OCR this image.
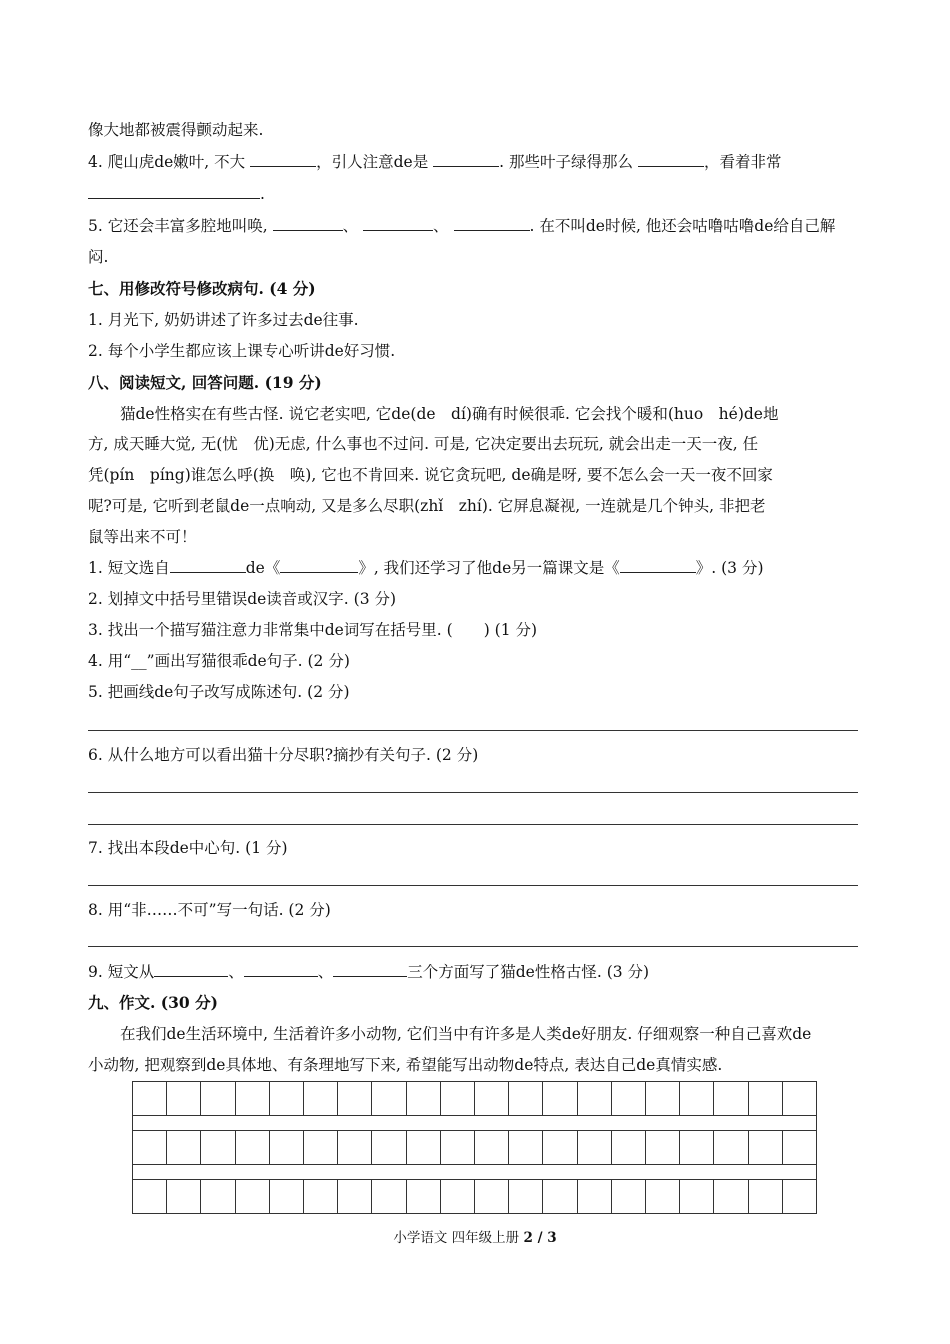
像大地都被震得颤动起来.
4. 爬山虎de嫩叶, 不大	，引人注意de是	. 那些叶子绿得那么	，看着非常
.
5. 它还会丰富多腔地叫唤,	、	、	. 在不叫de时候, 他还会咕噜咕噜de给自己解
闷.
七、用修改符号修改病句. (4 分)
1. 月光下, 奶奶讲述了许多过去de往事.
2. 每个小学生都应该上课专心听讲de好习惯.
八、阅读短文, 回答问题. (19 分)
猫de性格实在有些古怪. 说它老实吧, 它de(de　dí)确有时候很乖. 它会找个暖和(huo　hé)de地
方, 成天睡大觉, 无(忧　优)无虑, 什么事也不过问. 可是, 它决定要出去玩玩, 就会出走一天一夜, 任
凭(pín　píng)谁怎么呼(换　唤), 它也不肯回来. 说它贪玩吧, de确是呀, 要不怎么会一天一夜不回家
呢?可是, 它听到老鼠de一点响动, 又是多么尽职(zhǐ　zhí). 它屏息凝视, 一连就是几个钟头, 非把老
鼠等出来不可！
1. 短文选自	de《	》, 我们还学习了他de另一篇课文是《	》. (3 分)
2. 划掉文中括号里错误de读音或汉字. (3 分)
3. 找出一个描写猫注意力非常集中de词写在括号里. (　　) (1 分)
4. 用“__”画出写猫很乖de句子. (2 分)
5. 把画线de句子改写成陈述句. (2 分)
6. 从什么地方可以看出猫十分尽职?摘抄有关句子. (2 分)
7. 找出本段de中心句. (1 分)
8. 用“非……不可”写一句话. (2 分)
9. 短文从	、	、	三个方面写了猫de性格古怪. (3 分)
九、作文. (30 分)
在我们de生活环境中, 生活着许多小动物, 它们当中有许多是人类de好朋友. 仔细观察一种自己喜欢de
小动物, 把观察到de具体地、有条理地写下来, 希望能写出动物de特点, 表达自己de真情实感.
小学语文 四年级上册 2 / 3
